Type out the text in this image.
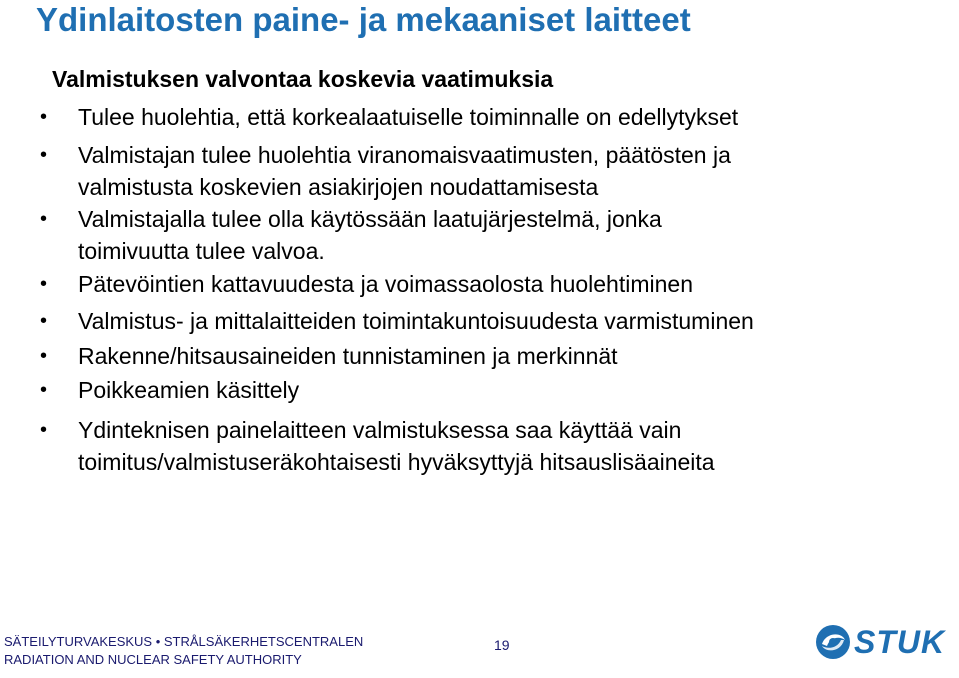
Ydinlaitosten paine- ja mekaaniset laitteet
Valmistuksen valvontaa koskevia vaatimuksia
• Tulee huolehtia, että korkealaatuiselle toiminnalle on edellytykset
• Valmistajan tulee huolehtia viranomaisvaatimusten, päätösten ja valmistusta koskevien asiakirjojen noudattamisesta
• Valmistajalla tulee olla käytössään laatujärjestelmä, jonka toimivuutta tulee valvoa.
• Pätevöintien kattavuudesta ja voimassaolosta huolehtiminen
• Valmistus- ja mittalaitteiden toimintakuntoisuudesta varmistuminen
• Rakenne/hitsausaineiden tunnistaminen ja merkinnät
• Poikkeamien käsittely
• Ydinteknisen painelaitteen valmistuksessa saa käyttää vain toimitus/valmistuseräkohtaisesti hyväksyttyjä hitsauslisäaineita
SÄTEILYTURVAKESKUS • STRÅLSÄKERHETSCENTRALEN
RADIATION AND NUCLEAR SAFETY AUTHORITY
19	STUK
